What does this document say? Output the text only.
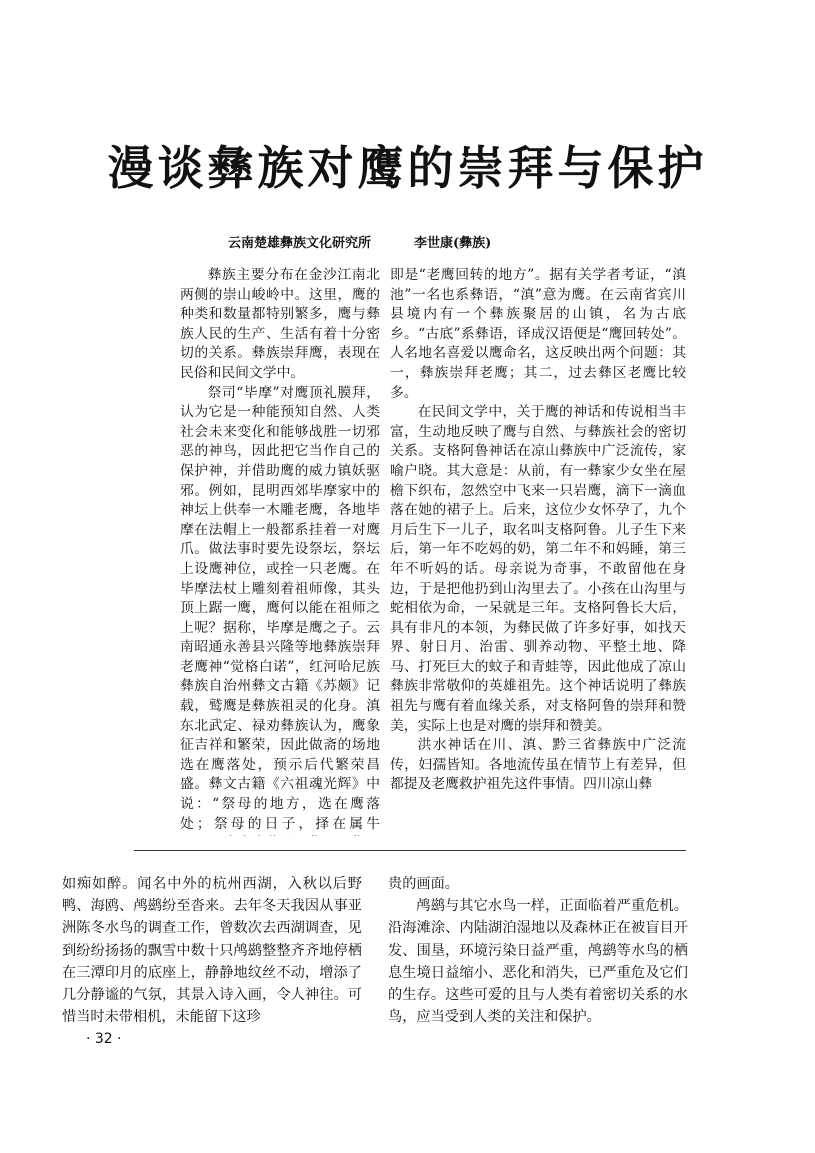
漫谈彝族对鹰的崇拜与保护
云南楚雄彝族文化研究所	李世康(彝族)

彝族主要分布在金沙江南北两侧的崇山峻岭中。这里，鹰的种类和数量都特别繁多，鹰与彝族人民的生产、生活有着十分密切的关系。彝族崇拜鹰，表现在民俗和民间文学中。

祭司“毕摩”对鹰顶礼膜拜，认为它是一种能预知自然、人类社会未来变化和能够战胜一切邪恶的神鸟，因此把它当作自己的保护神，并借助鹰的威力镇妖驱邪。例如，昆明西郊毕摩家中的神坛上供奉一木雕老鹰，各地毕摩在法帽上一般都系挂着一对鹰爪。做法事时要先设祭坛，祭坛上设鹰神位，或拴一只老鹰。在毕摩法杖上雕刻着祖师像，其头顶上踞一鹰，鹰何以能在祖师之上呢？据称，毕摩是鹰之子。云南昭通永善县兴隆等地彝族崇拜老鹰神“觉格白诺”，红河哈尼族彝族自治州彝文古籍《苏颇》记载，鹫鹰是彝族祖灵的化身。滇东北武定、禄劝彝族认为，鹰象征吉祥和繁荣，因此做斋的场地选在鹰落处，预示后代繁荣昌盛。彝文古籍《六祖魂光辉》中说：“祭母的地方，选在鹰落处；祭母的日子，择在属牛

即是“老鹰回转的地方”。据有关学者考证，“滇池”一名也系彝语，“滇”意为鹰。在云南省宾川县境内有一个彝族聚居的山镇，名为古底乡。“古底”系彝语，译成汉语便是“鹰回转处”。人名地名喜爱以鹰命名，这反映出两个问题：其一，彝族崇拜老鹰；其二，过去彝区老鹰比较多。

在民间文学中，关于鹰的神话和传说相当丰富，生动地反映了鹰与自然、与彝族社会的密切关系。支格阿鲁神话在凉山彝族中广泛流传，家喻户晓。其大意是：从前，有一彝家少女坐在屋檐下织布，忽然空中飞来一只岩鹰，滴下一滴血落在她的裙子上。后来，这位少女怀孕了，九个月后生下一儿子，取名叫支格阿鲁。儿子生下来后，第一年不吃妈的奶，第二年不和妈睡，第三年不听妈的话。母亲说为奇事，不敢留他在身边，于是把他扔到山沟里去了。小孩在山沟里与蛇相依为命，一呆就是三年。支格阿鲁长大后，具有非凡的本领，为彝民做了许多好事，如找天界、射日月、治雷、驯养动物、平整土地、降马、打死巨大的蚊子和青蛙等，因此他成了凉山彝族非常敬仰的英雄祖先。这个神话说明了彝族祖先与鹰有着血缘关系，对支格阿鲁的崇拜和赞美，实际上也是对鹰的崇拜和赞美。

洪水神话在川、滇、黔三省彝族中广泛流传，妇孺皆知。各地流传虽在情节上有差异，但都提及老鹰救护祖先这件事情。四川凉山彝

如痴如醉。闻名中外的杭州西湖，入秋以后野鸭、海鸥、鸬鹚纷至沓来。去年冬天我因从事亚洲陈冬水鸟的调查工作，曾数次去西湖调查，见到纷纷扬扬的飘雪中数十只鸬鹚整整齐齐地停栖在三潭印月的底座上，静静地纹丝不动，增添了几分静谧的气氛，其景入诗入画，令人神往。可惜当时未带相机，未能留下这珍

贵的画面。

鸬鹚与其它水鸟一样，正面临着严重危机。沿海滩涂、内陆湖泊湿地以及森林正在被盲目开发、围垦，环境污染日益严重，鸬鹚等水鸟的栖息生境日益缩小、恶化和消失，已严重危及它们的生存。这些可爱的且与人类有着密切关系的水鸟，应当受到人类的关注和保护。

· 32 ·
